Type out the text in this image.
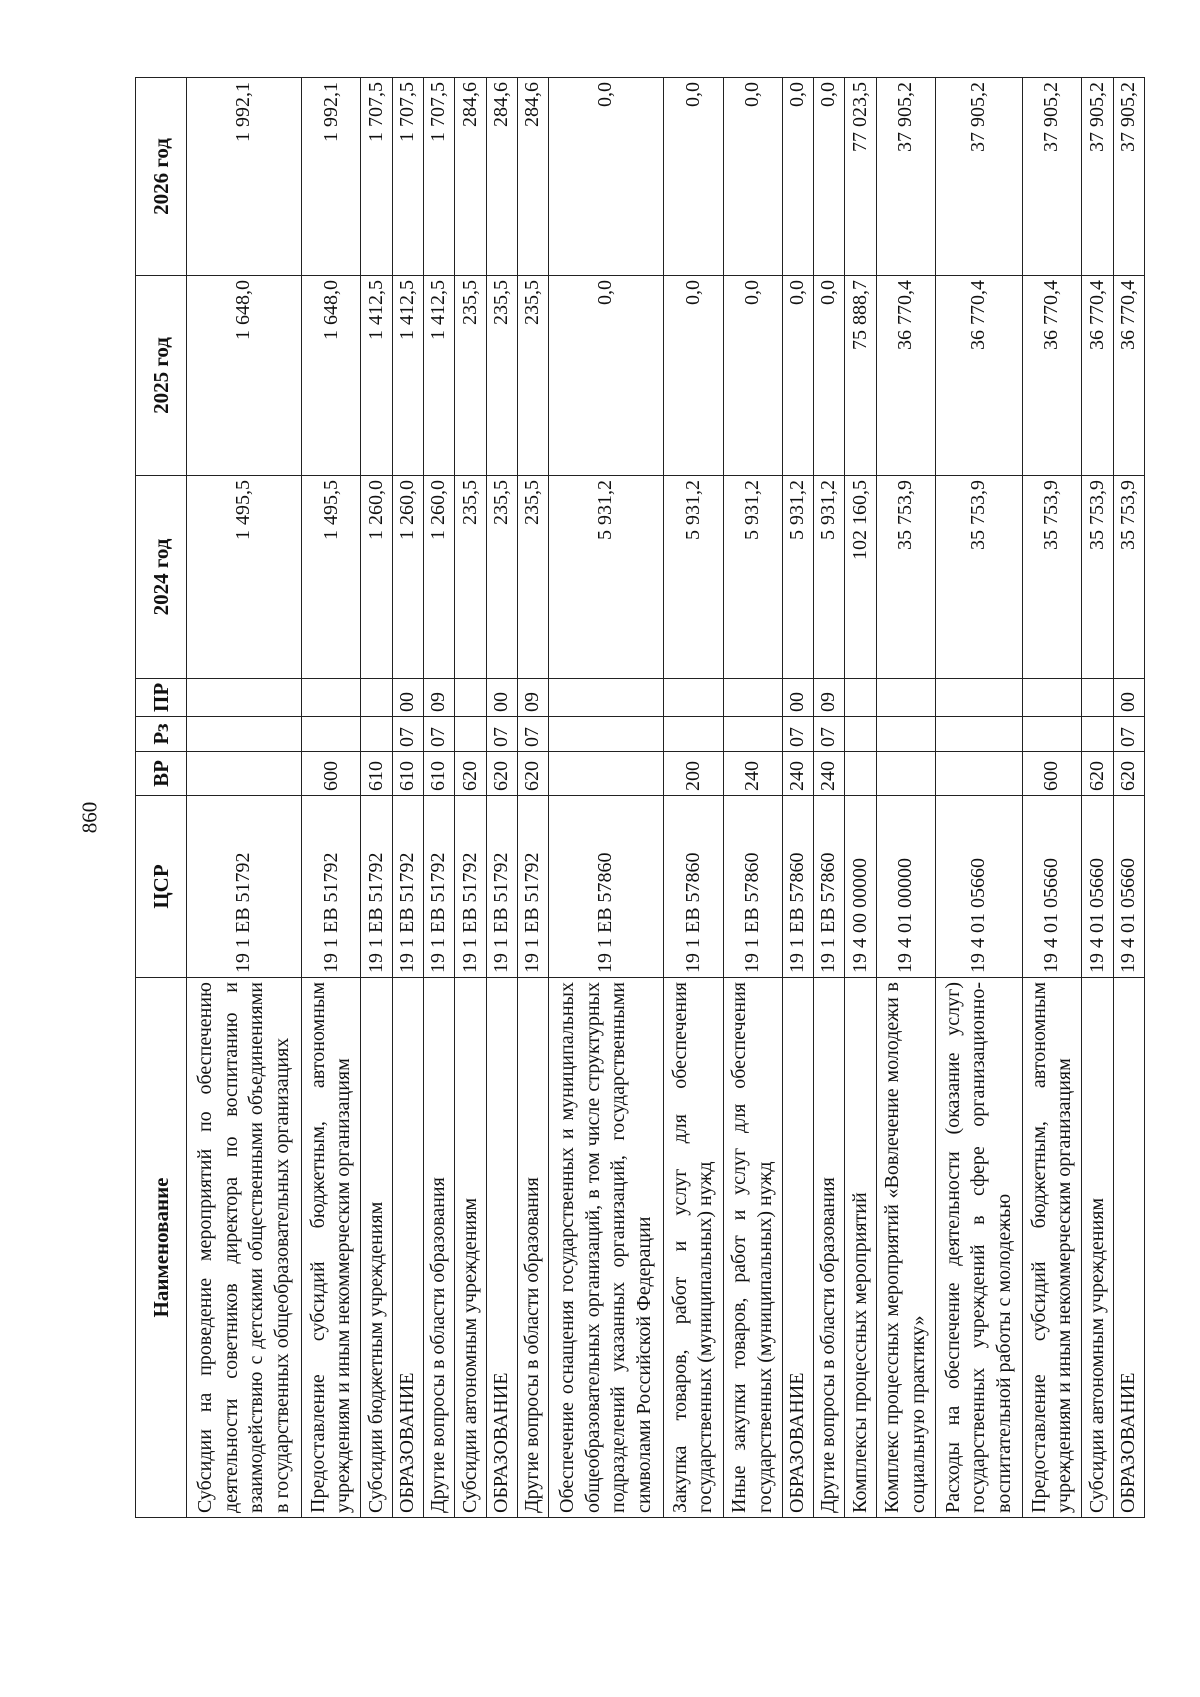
860
Наименование	ЦСР	ВР	Рз	ПР	2024 год	2025 год	2026 год
Субсидии на проведение мероприятий по обеспечению деятельности советников директора по воспитанию и взаимодействию с детскими общественными объединениями в государственных общеобразовательных организациях	19 1 ЕВ 51792				1 495,5	1 648,0	1 992,1
Предоставление субсидий бюджетным, автономным учреждениям и иным некоммерческим организациям	19 1 ЕВ 51792	600			1 495,5	1 648,0	1 992,1
Субсидии бюджетным учреждениям	19 1 ЕВ 51792	610			1 260,0	1 412,5	1 707,5
ОБРАЗОВАНИЕ	19 1 ЕВ 51792	610	07	00	1 260,0	1 412,5	1 707,5
Другие вопросы в области образования	19 1 ЕВ 51792	610	07	09	1 260,0	1 412,5	1 707,5
Субсидии автономным учреждениям	19 1 ЕВ 51792	620			235,5	235,5	284,6
ОБРАЗОВАНИЕ	19 1 ЕВ 51792	620	07	00	235,5	235,5	284,6
Другие вопросы в области образования	19 1 ЕВ 51792	620	07	09	235,5	235,5	284,6
Обеспечение оснащения государственных и муниципальных общеобразовательных организаций, в том числе структурных подразделений указанных организаций, государственными символами Российской Федерации	19 1 ЕВ 57860				5 931,2	0,0	0,0
Закупка товаров, работ и услуг для обеспечения государственных (муниципальных) нужд	19 1 ЕВ 57860	200			5 931,2	0,0	0,0
Иные закупки товаров, работ и услуг для обеспечения государственных (муниципальных) нужд	19 1 ЕВ 57860	240			5 931,2	0,0	0,0
ОБРАЗОВАНИЕ	19 1 ЕВ 57860	240	07	00	5 931,2	0,0	0,0
Другие вопросы в области образования	19 1 ЕВ 57860	240	07	09	5 931,2	0,0	0,0
Комплексы процессных мероприятий	19 4 00 00000				102 160,5	75 888,7	77 023,5
Комплекс процессных мероприятий «Вовлечение молодежи в социальную практику»	19 4 01 00000				35 753,9	36 770,4	37 905,2
Расходы на обеспечение деятельности (оказание услуг) государственных учреждений в сфере организационно-воспитательной работы с молодежью	19 4 01 05660				35 753,9	36 770,4	37 905,2
Предоставление субсидий бюджетным, автономным учреждениям и иным некоммерческим организациям	19 4 01 05660	600			35 753,9	36 770,4	37 905,2
Субсидии автономным учреждениям	19 4 01 05660	620			35 753,9	36 770,4	37 905,2
ОБРАЗОВАНИЕ	19 4 01 05660	620	07	00	35 753,9	36 770,4	37 905,2
